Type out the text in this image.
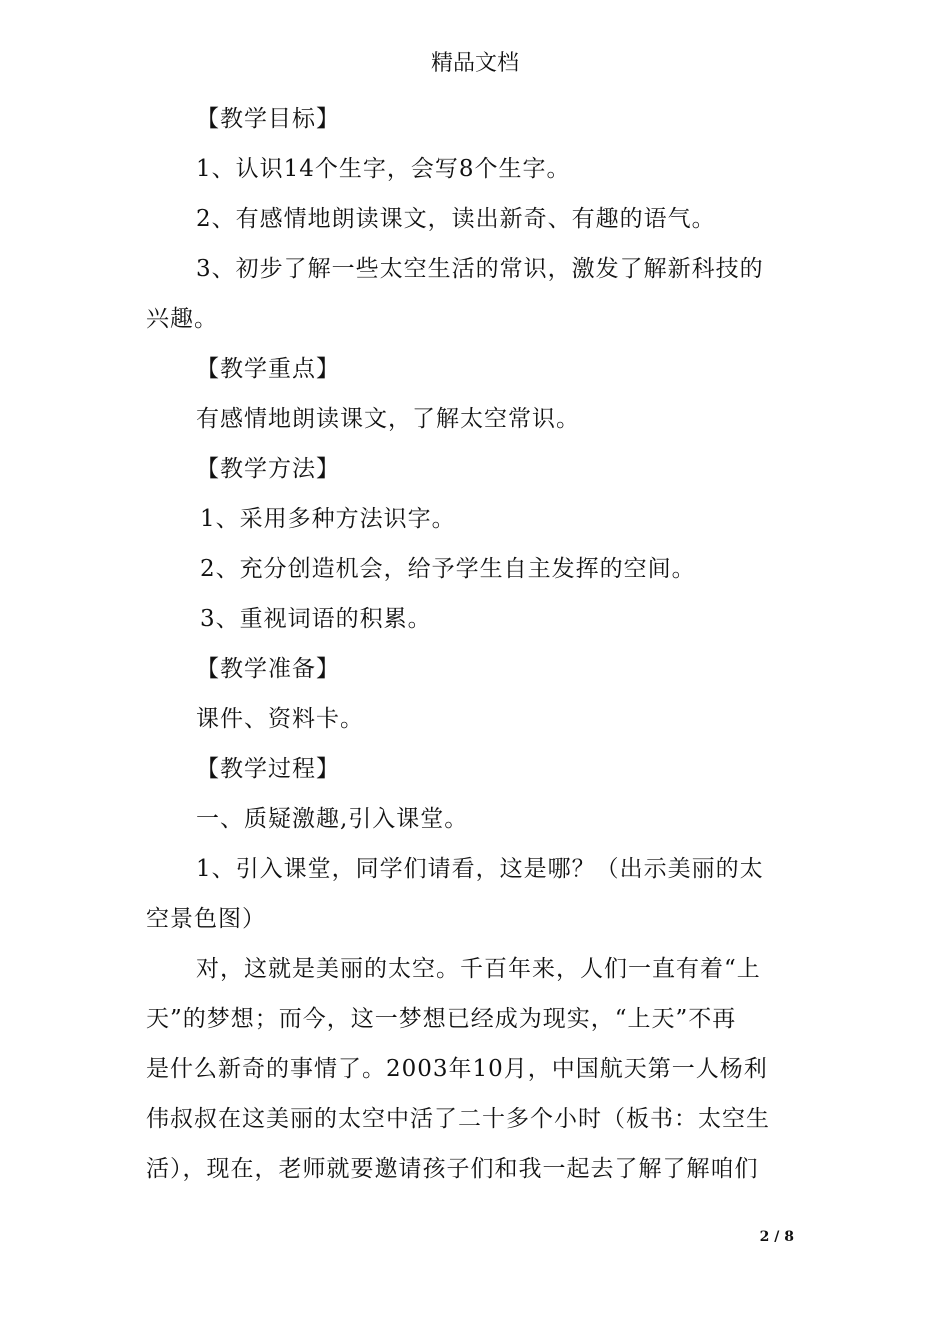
精品文档
【教学目标】
1、认识14个生字，会写8个生字。
2、有感情地朗读课文，读出新奇、有趣的语气。
3、初步了解一些太空生活的常识，激发了解新科技的
兴趣。
【教学重点】
有感情地朗读课文，了解太空常识。
【教学方法】
1、采用多种方法识字。
2、充分创造机会，给予学生自主发挥的空间。
3、重视词语的积累。
【教学准备】
课件、资料卡。
【教学过程】
一、质疑激趣,引入课堂。
1、引入课堂，同学们请看，这是哪？（出示美丽的太
空景色图）
对，这就是美丽的太空。千百年来，人们一直有着“上
天”的梦想；而今，这一梦想已经成为现实，“上天”不再
是什么新奇的事情了。2003年10月，中国航天第一人杨利
伟叔叔在这美丽的太空中活了二十多个小时（板书：太空生
活），现在，老师就要邀请孩子们和我一起去了解了解咱们
2 / 8
